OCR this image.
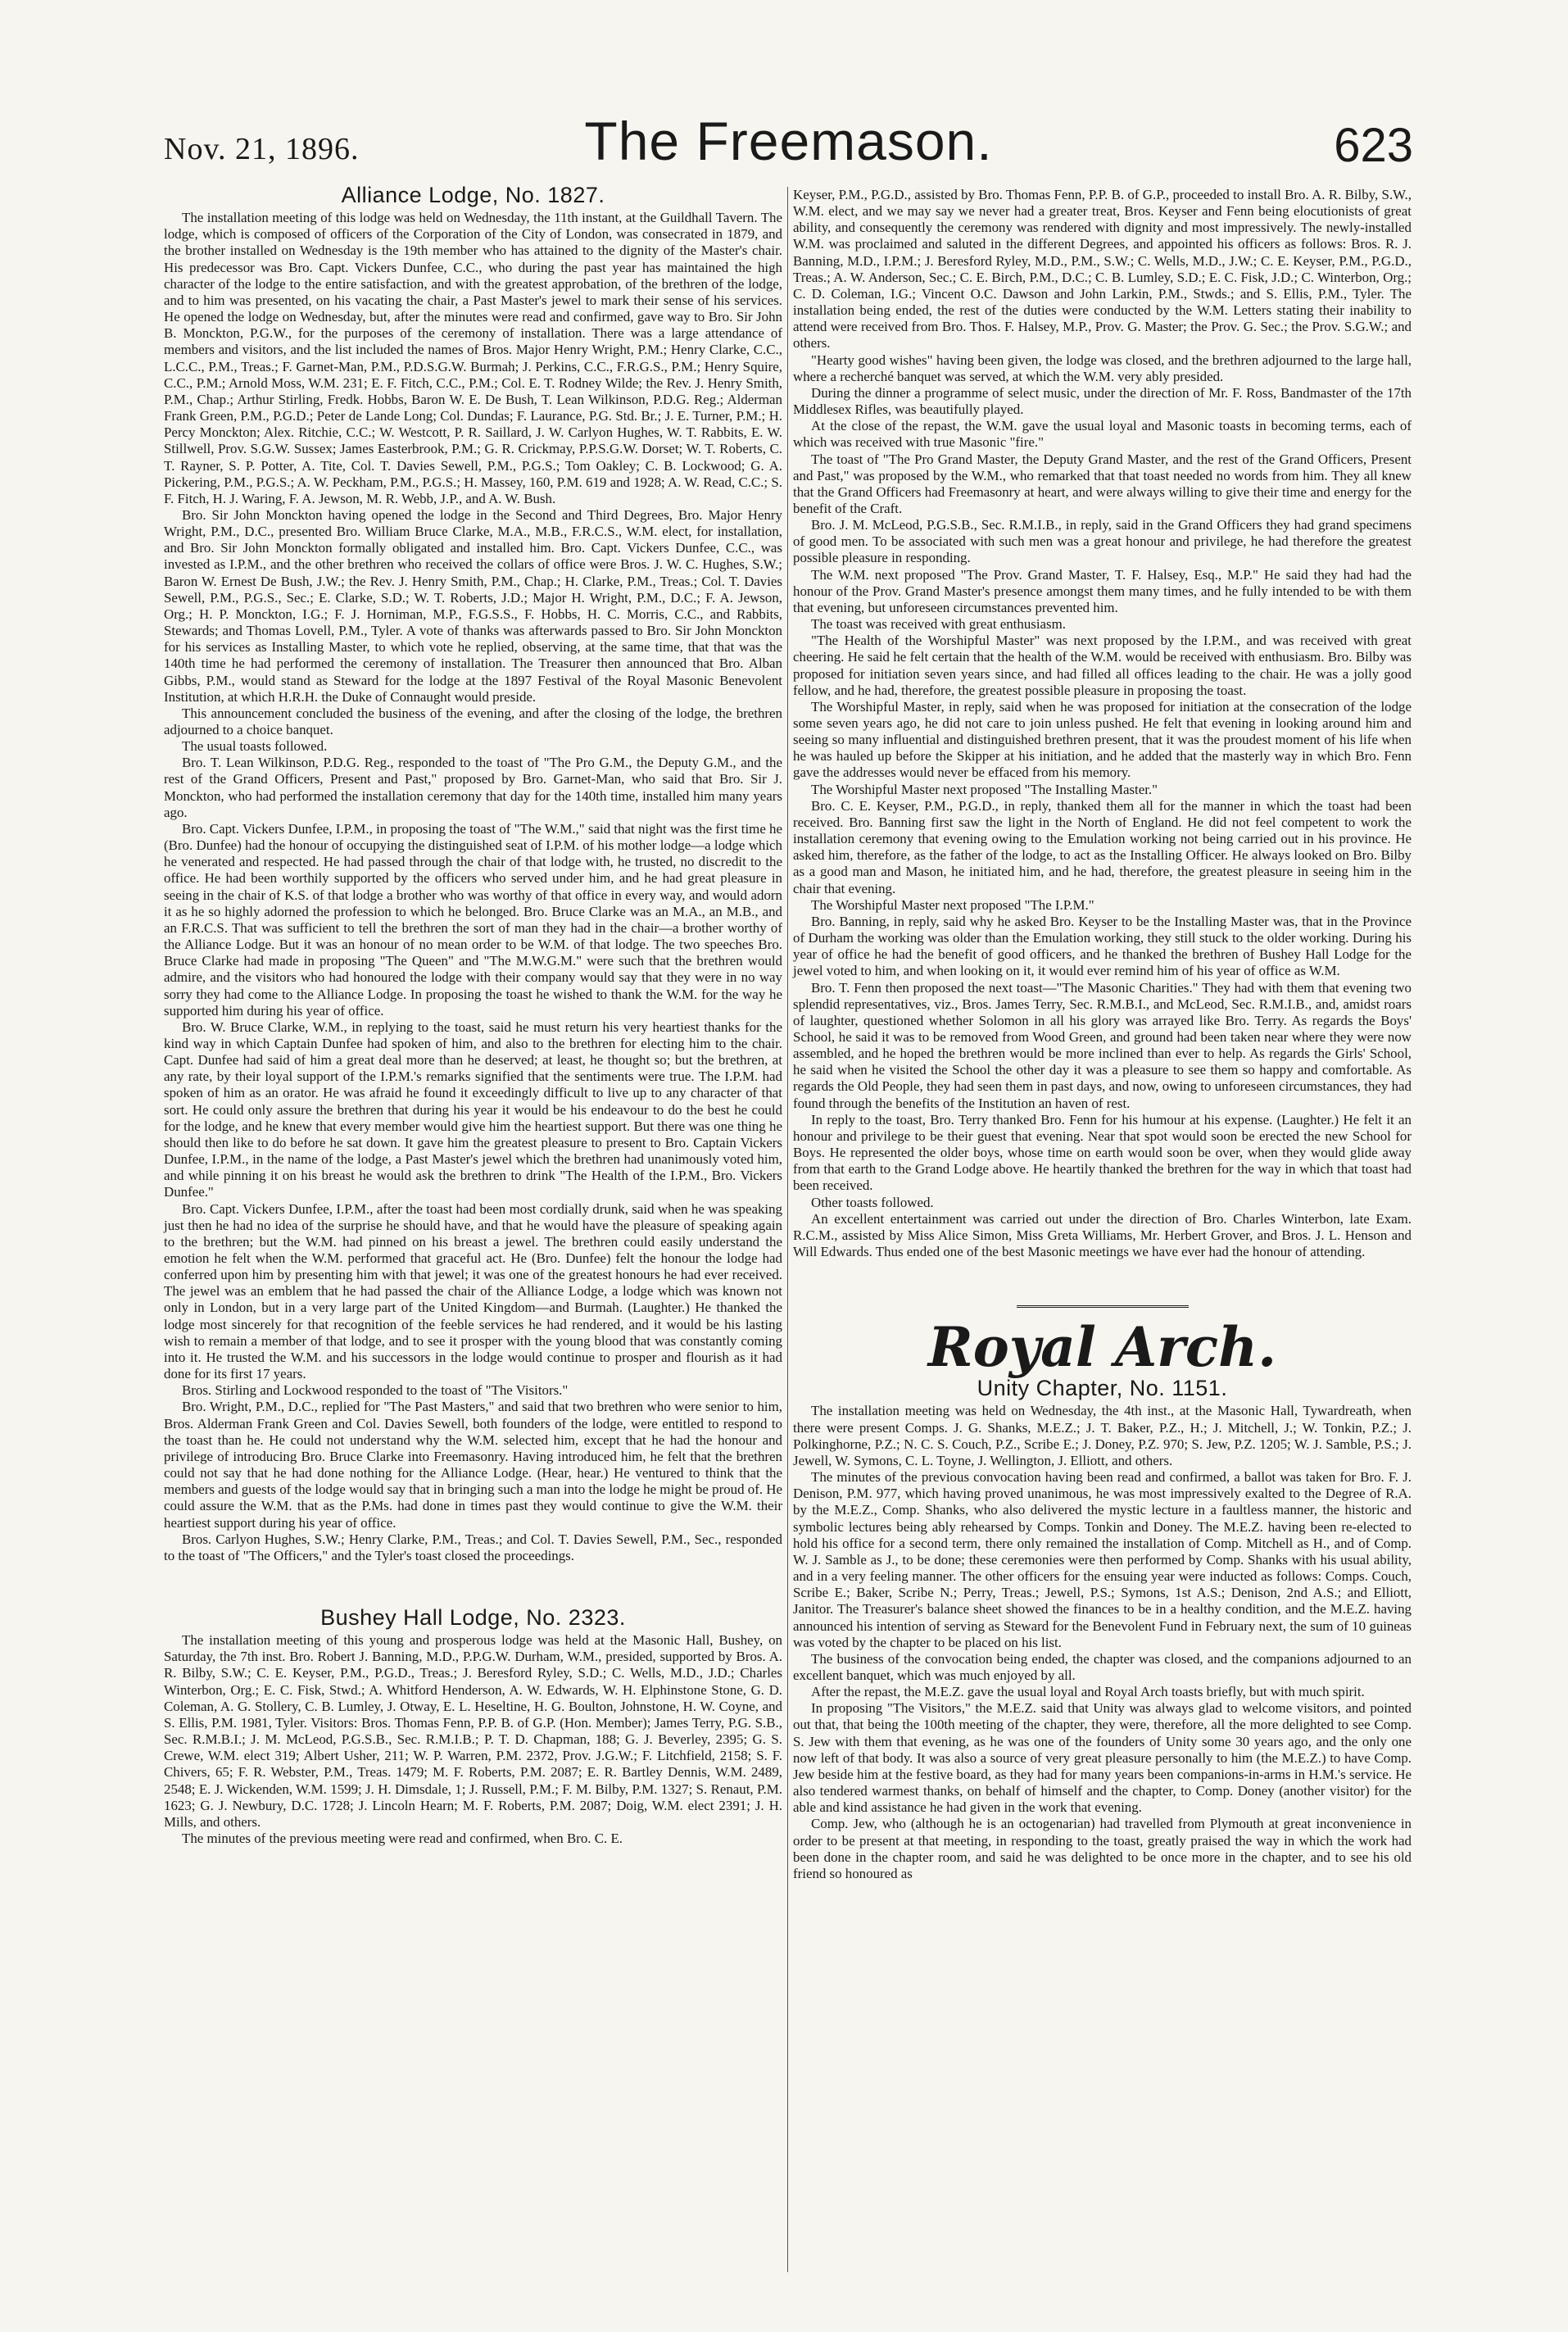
Nov. 21, 1896.	The Freemason.	623
Alliance Lodge, No. 1827.

The installation meeting of this lodge was held on Wednesday, the 11th instant, at the Guildhall Tavern. The lodge, which is composed of officers of the Corporation of the City of London, was consecrated in 1879, and the brother installed on Wednesday is the 19th member who has attained to the dignity of the Master's chair. His predecessor was Bro. Capt. Vickers Dunfee, C.C., who during the past year has maintained the high character of the lodge to the entire satisfaction, and with the greatest approbation, of the brethren of the lodge, and to him was presented, on his vacating the chair, a Past Master's jewel to mark their sense of his services. He opened the lodge on Wednesday, but, after the minutes were read and confirmed, gave way to Bro. Sir John B. Monckton, P.G.W., for the purposes of the ceremony of installation. There was a large attendance of members and visitors, and the list included the names of Bros. Major Henry Wright, P.M.; Henry Clarke, C.C., L.C.C., P.M., Treas.; F. Garnet-Man, P.M., P.D.S.G.W. Burmah; J. Perkins, C.C., F.R.G.S., P.M.; Henry Squire, C.C., P.M.; Arnold Moss, W.M. 231; E. F. Fitch, C.C., P.M.; Col. E. T. Rodney Wilde; the Rev. J. Henry Smith, P.M., Chap.; Arthur Stirling, Fredk. Hobbs, Baron W. E. De Bush, T. Lean Wilkinson, P.D.G. Reg.; Alderman Frank Green, P.M., P.G.D.; Peter de Lande Long; Col. Dundas; F. Laurance, P.G. Std. Br.; J. E. Turner, P.M.; H. Percy Monckton; Alex. Ritchie, C.C.; W. Westcott, P. R. Saillard, J. W. Carlyon Hughes, W. T. Rabbits, E. W. Stillwell, Prov. S.G.W. Sussex; James Easterbrook, P.M.; G. R. Crickmay, P.P.S.G.W. Dorset; W. T. Roberts, C. T. Rayner, S. P. Potter, A. Tite, Col. T. Davies Sewell, P.M., P.G.S.; Tom Oakley; C. B. Lockwood; G. A. Pickering, P.M., P.G.S.; A. W. Peckham, P.M., P.G.S.; H. Massey, 160, P.M. 619 and 1928; A. W. Read, C.C.; S. F. Fitch, H. J. Waring, F. A. Jewson, M. R. Webb, J.P., and A. W. Bush.

Bro. Sir John Monckton having opened the lodge in the Second and Third Degrees, Bro. Major Henry Wright, P.M., D.C., presented Bro. William Bruce Clarke, M.A., M.B., F.R.C.S., W.M. elect, for installation, and Bro. Sir John Monckton formally obligated and installed him. Bro. Capt. Vickers Dunfee, C.C., was invested as I.P.M., and the other brethren who received the collars of office were Bros. J. W. C. Hughes, S.W.; Baron W. Ernest De Bush, J.W.; the Rev. J. Henry Smith, P.M., Chap.; H. Clarke, P.M., Treas.; Col. T. Davies Sewell, P.M., P.G.S., Sec.; E. Clarke, S.D.; W. T. Roberts, J.D.; Major H. Wright, P.M., D.C.; F. A. Jewson, Org.; H. P. Monckton, I.G.; F. J. Horniman, M.P., F.G.S.S., F. Hobbs, H. C. Morris, C.C., and Rabbits, Stewards; and Thomas Lovell, P.M., Tyler. A vote of thanks was afterwards passed to Bro. Sir John Monckton for his services as Installing Master, to which vote he replied, observing, at the same time, that that was the 140th time he had performed the ceremony of installation. The Treasurer then announced that Bro. Alban Gibbs, P.M., would stand as Steward for the lodge at the 1897 Festival of the Royal Masonic Benevolent Institution, at which H.R.H. the Duke of Connaught would preside.

This announcement concluded the business of the evening, and after the closing of the lodge, the brethren adjourned to a choice banquet.

The usual toasts followed.

Bro. T. Lean Wilkinson, P.D.G. Reg., responded to the toast of "The Pro G.M., the Deputy G.M., and the rest of the Grand Officers, Present and Past," proposed by Bro. Garnet-Man, who said that Bro. Sir J. Monckton, who had performed the installation ceremony that day for the 140th time, installed him many years ago.

Bro. Capt. Vickers Dunfee, I.P.M., in proposing the toast of "The W.M.," said that night was the first time he (Bro. Dunfee) had the honour of occupying the distinguished seat of I.P.M. of his mother lodge—a lodge which he venerated and respected. He had passed through the chair of that lodge with, he trusted, no discredit to the office. He had been worthily supported by the officers who served under him, and he had great pleasure in seeing in the chair of K.S. of that lodge a brother who was worthy of that office in every way, and would adorn it as he so highly adorned the profession to which he belonged. Bro. Bruce Clarke was an M.A., an M.B., and an F.R.C.S. That was sufficient to tell the brethren the sort of man they had in the chair—a brother worthy of the Alliance Lodge. But it was an honour of no mean order to be W.M. of that lodge. The two speeches Bro. Bruce Clarke had made in proposing "The Queen" and "The M.W.G.M." were such that the brethren would admire, and the visitors who had honoured the lodge with their company would say that they were in no way sorry they had come to the Alliance Lodge. In proposing the toast he wished to thank the W.M. for the way he supported him during his year of office.

Bro. W. Bruce Clarke, W.M., in replying to the toast, said he must return his very heartiest thanks for the kind way in which Captain Dunfee had spoken of him, and also to the brethren for electing him to the chair. Capt. Dunfee had said of him a great deal more than he deserved; at least, he thought so; but the brethren, at any rate, by their loyal support of the I.P.M.'s remarks signified that the sentiments were true. The I.P.M. had spoken of him as an orator. He was afraid he found it exceedingly difficult to live up to any character of that sort. He could only assure the brethren that during his year it would be his endeavour to do the best he could for the lodge, and he knew that every member would give him the heartiest support. But there was one thing he should then like to do before he sat down. It gave him the greatest pleasure to present to Bro. Captain Vickers Dunfee, I.P.M., in the name of the lodge, a Past Master's jewel which the brethren had unanimously voted him, and while pinning it on his breast he would ask the brethren to drink "The Health of the I.P.M., Bro. Vickers Dunfee."

Bro. Capt. Vickers Dunfee, I.P.M., after the toast had been most cordially drunk, said when he was speaking just then he had no idea of the surprise he should have, and that he would have the pleasure of speaking again to the brethren; but the W.M. had pinned on his breast a jewel. The brethren could easily understand the emotion he felt when the W.M. performed that graceful act. He (Bro. Dunfee) felt the honour the lodge had conferred upon him by presenting him with that jewel; it was one of the greatest honours he had ever received. The jewel was an emblem that he had passed the chair of the Alliance Lodge, a lodge which was known not only in London, but in a very large part of the United Kingdom—and Burmah. (Laughter.) He thanked the lodge most sincerely for that recognition of the feeble services he had rendered, and it would be his lasting wish to remain a member of that lodge, and to see it prosper with the young blood that was constantly coming into it. He trusted the W.M. and his successors in the lodge would continue to prosper and flourish as it had done for its first 17 years.

Bros. Stirling and Lockwood responded to the toast of "The Visitors."

Bro. Wright, P.M., D.C., replied for "The Past Masters," and said that two brethren who were senior to him, Bros. Alderman Frank Green and Col. Davies Sewell, both founders of the lodge, were entitled to respond to the toast than he. He could not understand why the W.M. selected him, except that he had the honour and privilege of introducing Bro. Bruce Clarke into Freemasonry. Having introduced him, he felt that the brethren could not say that he had done nothing for the Alliance Lodge. (Hear, hear.) He ventured to think that the members and guests of the lodge would say that in bringing such a man into the lodge he might be proud of. He could assure the W.M. that as the P.Ms. had done in times past they would continue to give the W.M. their heartiest support during his year of office.

Bros. Carlyon Hughes, S.W.; Henry Clarke, P.M., Treas.; and Col. T. Davies Sewell, P.M., Sec., responded to the toast of "The Officers," and the Tyler's toast closed the proceedings.

Bushey Hall Lodge, No. 2323.

The installation meeting of this young and prosperous lodge was held at the Masonic Hall, Bushey, on Saturday, the 7th inst. Bro. Robert J. Banning, M.D., P.P.G.W. Durham, W.M., presided, supported by Bros. A. R. Bilby, S.W.; C. E. Keyser, P.M., P.G.D., Treas.; J. Beresford Ryley, S.D.; C. Wells, M.D., J.D.; Charles Winterbon, Org.; E. C. Fisk, Stwd.; A. Whitford Henderson, A. W. Edwards, W. H. Elphinstone Stone, G. D. Coleman, A. G. Stollery, C. B. Lumley, J. Otway, E. L. Heseltine, H. G. Boulton, Johnstone, H. W. Coyne, and S. Ellis, P.M. 1981, Tyler. Visitors: Bros. Thomas Fenn, P.P. B. of G.P. (Hon. Member); James Terry, P.G. S.B., Sec. R.M.B.I.; J. M. McLeod, P.G.S.B., Sec. R.M.I.B.; P. T. D. Chapman, 188; G. J. Beverley, 2395; G. S. Crewe, W.M. elect 319; Albert Usher, 211; W. P. Warren, P.M. 2372, Prov. J.G.W.; F. Litchfield, 2158; S. F. Chivers, 65; F. R. Webster, P.M., Treas. 1479; M. F. Roberts, P.M. 2087; E. R. Bartley Dennis, W.M. 2489, 2548; E. J. Wickenden, W.M. 1599; J. H. Dimsdale, 1; J. Russell, P.M.; F. M. Bilby, P.M. 1327; S. Renaut, P.M. 1623; G. J. Newbury, D.C. 1728; J. Lincoln Hearn; M. F. Roberts, P.M. 2087; Doig, W.M. elect 2391; J. H. Mills, and others.

The minutes of the previous meeting were read and confirmed, when Bro. C. E.

Keyser, P.M., P.G.D., assisted by Bro. Thomas Fenn, P.P. B. of G.P., proceeded to install Bro. A. R. Bilby, S.W., W.M. elect, and we may say we never had a greater treat, Bros. Keyser and Fenn being elocutionists of great ability, and consequently the ceremony was rendered with dignity and most impressively. The newly-installed W.M. was proclaimed and saluted in the different Degrees, and appointed his officers as follows: Bros. R. J. Banning, M.D., I.P.M.; J. Beresford Ryley, M.D., P.M., S.W.; C. Wells, M.D., J.W.; C. E. Keyser, P.M., P.G.D., Treas.; A. W. Anderson, Sec.; C. E. Birch, P.M., D.C.; C. B. Lumley, S.D.; E. C. Fisk, J.D.; C. Winterbon, Org.; C. D. Coleman, I.G.; Vincent O.C. Dawson and John Larkin, P.M., Stwds.; and S. Ellis, P.M., Tyler. The installation being ended, the rest of the duties were conducted by the W.M. Letters stating their inability to attend were received from Bro. Thos. F. Halsey, M.P., Prov. G. Master; the Prov. G. Sec.; the Prov. S.G.W.; and others.

"Hearty good wishes" having been given, the lodge was closed, and the brethren adjourned to the large hall, where a recherché banquet was served, at which the W.M. very ably presided.

During the dinner a programme of select music, under the direction of Mr. F. Ross, Bandmaster of the 17th Middlesex Rifles, was beautifully played.

At the close of the repast, the W.M. gave the usual loyal and Masonic toasts in becoming terms, each of which was received with true Masonic "fire."

The toast of "The Pro Grand Master, the Deputy Grand Master, and the rest of the Grand Officers, Present and Past," was proposed by the W.M., who remarked that that toast needed no words from him. They all knew that the Grand Officers had Freemasonry at heart, and were always willing to give their time and energy for the benefit of the Craft.

Bro. J. M. McLeod, P.G.S.B., Sec. R.M.I.B., in reply, said in the Grand Officers they had grand specimens of good men. To be associated with such men was a great honour and privilege, he had therefore the greatest possible pleasure in responding.

The W.M. next proposed "The Prov. Grand Master, T. F. Halsey, Esq., M.P." He said they had had the honour of the Prov. Grand Master's presence amongst them many times, and he fully intended to be with them that evening, but unforeseen circumstances prevented him.

The toast was received with great enthusiasm.

"The Health of the Worshipful Master" was next proposed by the I.P.M., and was received with great cheering. He said he felt certain that the health of the W.M. would be received with enthusiasm. Bro. Bilby was proposed for initiation seven years since, and had filled all offices leading to the chair. He was a jolly good fellow, and he had, therefore, the greatest possible pleasure in proposing the toast.

The Worshipful Master, in reply, said when he was proposed for initiation at the consecration of the lodge some seven years ago, he did not care to join unless pushed. He felt that evening in looking around him and seeing so many influential and distinguished brethren present, that it was the proudest moment of his life when he was hauled up before the Skipper at his initiation, and he added that the masterly way in which Bro. Fenn gave the addresses would never be effaced from his memory.

The Worshipful Master next proposed "The Installing Master."

Bro. C. E. Keyser, P.M., P.G.D., in reply, thanked them all for the manner in which the toast had been received. Bro. Banning first saw the light in the North of England. He did not feel competent to work the installation ceremony that evening owing to the Emulation working not being carried out in his province. He asked him, therefore, as the father of the lodge, to act as the Installing Officer. He always looked on Bro. Bilby as a good man and Mason, he initiated him, and he had, therefore, the greatest pleasure in seeing him in the chair that evening.

The Worshipful Master next proposed "The I.P.M."

Bro. Banning, in reply, said why he asked Bro. Keyser to be the Installing Master was, that in the Province of Durham the working was older than the Emulation working, they still stuck to the older working. During his year of office he had the benefit of good officers, and he thanked the brethren of Bushey Hall Lodge for the jewel voted to him, and when looking on it, it would ever remind him of his year of office as W.M.

Bro. T. Fenn then proposed the next toast—"The Masonic Charities." They had with them that evening two splendid representatives, viz., Bros. James Terry, Sec. R.M.B.I., and McLeod, Sec. R.M.I.B., and, amidst roars of laughter, questioned whether Solomon in all his glory was arrayed like Bro. Terry. As regards the Boys' School, he said it was to be removed from Wood Green, and ground had been taken near where they were now assembled, and he hoped the brethren would be more inclined than ever to help. As regards the Girls' School, he said when he visited the School the other day it was a pleasure to see them so happy and comfortable. As regards the Old People, they had seen them in past days, and now, owing to unforeseen circumstances, they had found through the benefits of the Institution an haven of rest.

In reply to the toast, Bro. Terry thanked Bro. Fenn for his humour at his expense. (Laughter.) He felt it an honour and privilege to be their guest that evening. Near that spot would soon be erected the new School for Boys. He represented the older boys, whose time on earth would soon be over, when they would glide away from that earth to the Grand Lodge above. He heartily thanked the brethren for the way in which that toast had been received.

Other toasts followed.

An excellent entertainment was carried out under the direction of Bro. Charles Winterbon, late Exam. R.C.M., assisted by Miss Alice Simon, Miss Greta Williams, Mr. Herbert Grover, and Bros. J. L. Henson and Will Edwards. Thus ended one of the best Masonic meetings we have ever had the honour of attending.

Royal Arch.
Unity Chapter, No. 1151.

The installation meeting was held on Wednesday, the 4th inst., at the Masonic Hall, Tywardreath, when there were present Comps. J. G. Shanks, M.E.Z.; J. T. Baker, P.Z., H.; J. Mitchell, J.; W. Tonkin, P.Z.; J. Polkinghorne, P.Z.; N. C. S. Couch, P.Z., Scribe E.; J. Doney, P.Z. 970; S. Jew, P.Z. 1205; W. J. Samble, P.S.; J. Jewell, W. Symons, C. L. Toyne, J. Wellington, J. Elliott, and others.

The minutes of the previous convocation having been read and confirmed, a ballot was taken for Bro. F. J. Denison, P.M. 977, which having proved unanimous, he was most impressively exalted to the Degree of R.A. by the M.E.Z., Comp. Shanks, who also delivered the mystic lecture in a faultless manner, the historic and symbolic lectures being ably rehearsed by Comps. Tonkin and Doney. The M.E.Z. having been re-elected to hold his office for a second term, there only remained the installation of Comp. Mitchell as H., and of Comp. W. J. Samble as J., to be done; these ceremonies were then performed by Comp. Shanks with his usual ability, and in a very feeling manner. The other officers for the ensuing year were inducted as follows: Comps. Couch, Scribe E.; Baker, Scribe N.; Perry, Treas.; Jewell, P.S.; Symons, 1st A.S.; Denison, 2nd A.S.; and Elliott, Janitor. The Treasurer's balance sheet showed the finances to be in a healthy condition, and the M.E.Z. having announced his intention of serving as Steward for the Benevolent Fund in February next, the sum of 10 guineas was voted by the chapter to be placed on his list.

The business of the convocation being ended, the chapter was closed, and the companions adjourned to an excellent banquet, which was much enjoyed by all.

After the repast, the M.E.Z. gave the usual loyal and Royal Arch toasts briefly, but with much spirit.

In proposing "The Visitors," the M.E.Z. said that Unity was always glad to welcome visitors, and pointed out that, that being the 100th meeting of the chapter, they were, therefore, all the more delighted to see Comp. S. Jew with them that evening, as he was one of the founders of Unity some 30 years ago, and the only one now left of that body. It was also a source of very great pleasure personally to him (the M.E.Z.) to have Comp. Jew beside him at the festive board, as they had for many years been companions-in-arms in H.M.'s service. He also tendered warmest thanks, on behalf of himself and the chapter, to Comp. Doney (another visitor) for the able and kind assistance he had given in the work that evening.

Comp. Jew, who (although he is an octogenarian) had travelled from Plymouth at great inconvenience in order to be present at that meeting, in responding to the toast, greatly praised the way in which the work had been done in the chapter room, and said he was delighted to be once more in the chapter, and to see his old friend so honoured as
